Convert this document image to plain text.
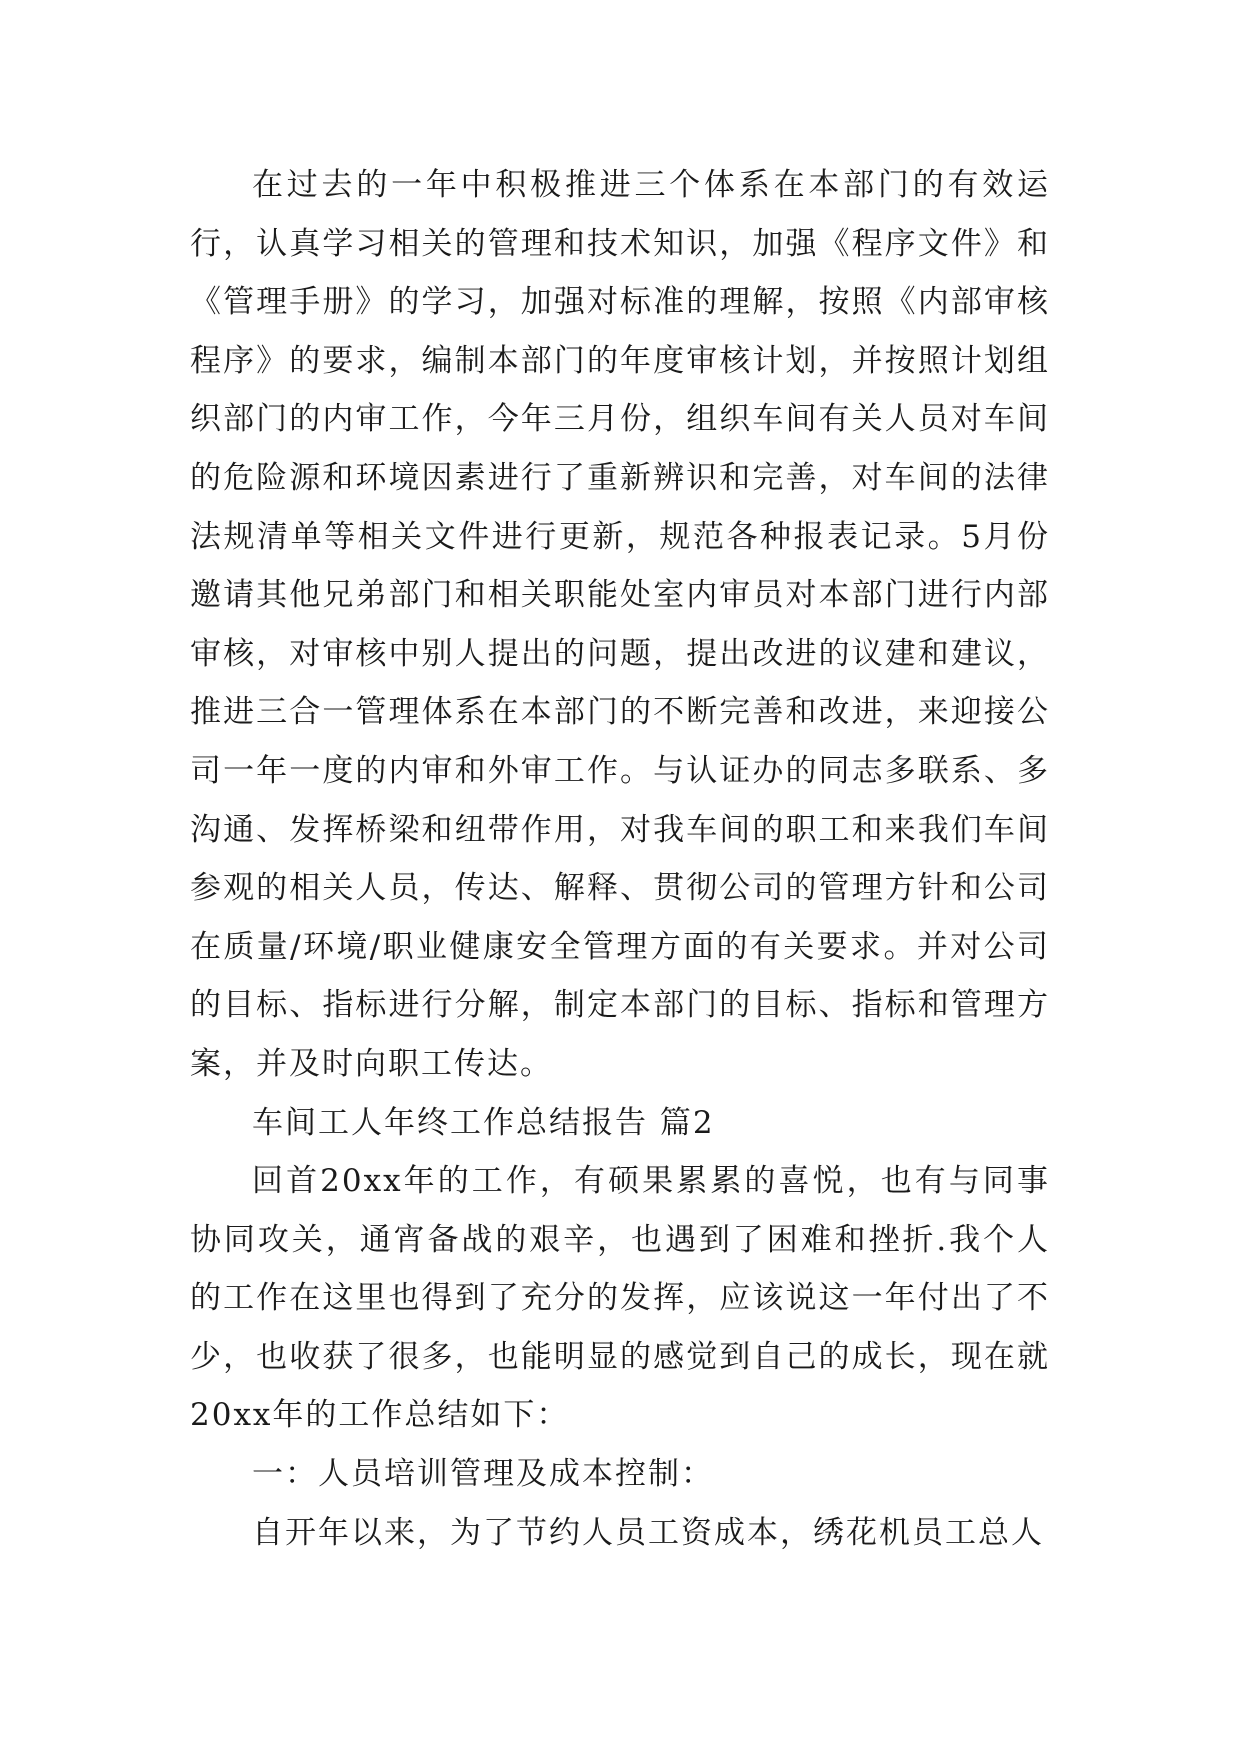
在过去的一年中积极推进三个体系在本部门的有效运行，认真学习相关的管理和技术知识，加强《程序文件》和《管理手册》的学习，加强对标准的理解，按照《内部审核程序》的要求，编制本部门的年度审核计划，并按照计划组织部门的内审工作，今年三月份，组织车间有关人员对车间的危险源和环境因素进行了重新辨识和完善，对车间的法律法规清单等相关文件进行更新，规范各种报表记录。5月份邀请其他兄弟部门和相关职能处室内审员对本部门进行内部审核，对审核中别人提出的问题，提出改进的议建和建议，推进三合一管理体系在本部门的不断完善和改进，来迎接公司一年一度的内审和外审工作。与认证办的同志多联系、多沟通、发挥桥梁和纽带作用，对我车间的职工和来我们车间参观的相关人员，传达、解释、贯彻公司的管理方针和公司在质量/环境/职业健康安全管理方面的有关要求。并对公司的目标、指标进行分解，制定本部门的目标、指标和管理方案，并及时向职工传达。

车间工人年终工作总结报告 篇2

回首20xx年的工作，有硕果累累的喜悦，也有与同事协同攻关，通宵备战的艰辛，也遇到了困难和挫折.我个人的工作在这里也得到了充分的发挥，应该说这一年付出了不少，也收获了很多，也能明显的感觉到自己的成长，现在就20xx年的工作总结如下：

一：人员培训管理及成本控制：

自开年以来，为了节约人员工资成本，绣花机员工总人
